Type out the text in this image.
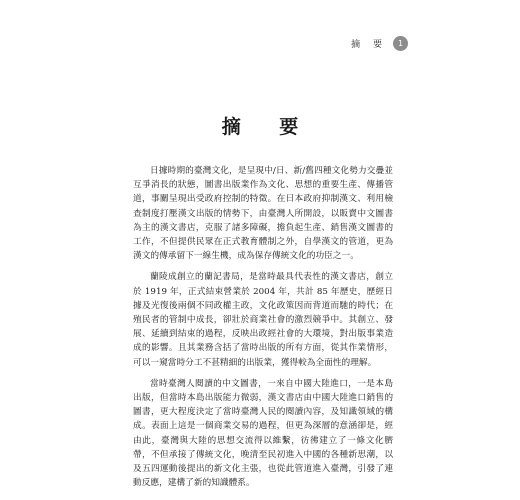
摘 要	1
摘 要

日據時期的臺灣文化，是呈現中/日、新/舊四種文化勢力交疊並互爭消長的狀態，圖書出版業作為文化、思想的重要生產、傳播管道，事關呈現出受政府控制的特徵。在日本政府抑制漢文、利用檢查制度打壓漢文出版的情勢下，由臺灣人所開設，以販賣中文圖書為主的漢文書店，克服了諸多障礙，擔負起生產、銷售漢文圖書的工作，不但提供民眾在正式教育體制之外，自學漢文的管道，更為漢文的傳承留下一線生機，成為保存傳統文化的功臣之一。

蘭陵成創立的蘭記書局，是當時最具代表性的漢文書店，創立於 1919 年，正式結束營業於 2004 年，共計 85 年歷史，歷經日據及光復後兩個不同政權主政，文化政策因而背道而馳的時代；在殖民者的管制中成長，卻壯於商業社會的激烈競爭中。其創立、發展、延續到結束的過程，反映出政經社會的大環境，對出版事業造成的影響。且其業務含括了當時出版的所有方面，從其作業情形，可以一窺當時分工不甚精細的出版業，獲得較為全面性的理解。

當時臺灣人閱讀的中文圖書，一來自中國大陸進口，一是本島出版，但當時本島出版能力微弱，漢文書店由中國大陸進口銷售的圖書，更大程度決定了當時臺灣人民的閱讀內容，及知識領域的構成。表面上這是一個商業交易的過程，但更為深層的意涵卻是，經由此，臺灣與大陸的思想交流得以維繫，彷彿建立了一條文化臍帶，不但承接了傳統文化，晚清至民初進入中國的各種新思潮，以及五四運動後提出的新文化主張，也從此管道進入臺灣，引發了連動反應，建構了新的知識體系。
